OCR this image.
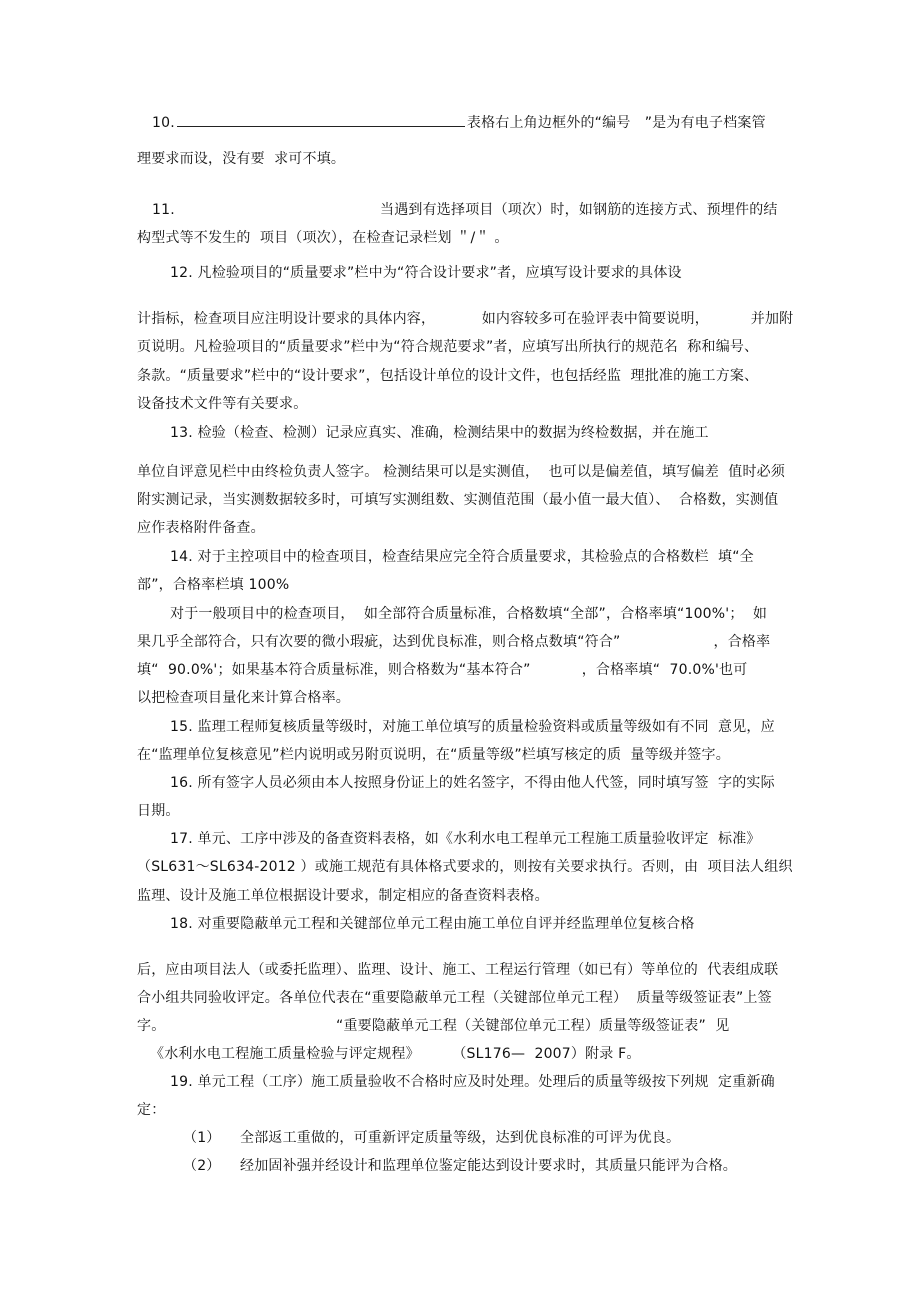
10.	表格右上角边框外的“编号　”是为有电子档案管
理要求而设，没有要  求可不填。
11.	当遇到有选择项目（项次）时，如钢筋的连接方式、预埋件的结
构型式等不发生的  项目（项次），在检查记录栏划 ＂/＂ 。
12. 凡检验项目的“质量要求”栏中为“符合设计要求”者，应填写设计要求的具体设
计指标，检查项目应注明设计要求的具体内容，          如内容较多可在验评表中简要说明，         并加附
页说明。凡检验项目的“质量要求”栏中为“符合规范要求”者，应填写出所执行的规范名  称和编号、
条款。“质量要求”栏中的“设计要求”，包括设计单位的设计文件，也包括经监  理批准的施工方案、
设备技术文件等有关要求。
13. 检验（检查、检测）记录应真实、准确，检测结果中的数据为终检数据，并在施工
单位自评意见栏中由终检负责人签字。 检测结果可以是实测值，  也可以是偏差值，填写偏差  值时必须
附实测记录，当实测数据较多时，可填写实测组数、实测值范围（最小值一最大值）、  合格数，实测值
应作表格附件备查。
14. 对于主控项目中的检查项目，检查结果应完全符合质量要求，其检验点的合格数栏  填“全
部”，合格率栏填 100%
对于一般项目中的检查项目，  如全部符合质量标准，合格数填“全部”，合格率填“100%'；  如
果几乎全部符合，只有次要的微小瑕疵，达到优良标准，则合格点数填“符合”                    ，合格率
填“  90.0%'；如果基本符合质量标准，则合格数为“基本符合”           ，合格率填“  70.0%'也可
以把检查项目量化来计算合格率。
15. 监理工程师复核质量等级时，对施工单位填写的质量检验资料或质量等级如有不同  意见，应
在“监理单位复核意见”栏内说明或另附页说明，在“质量等级”栏填写核定的质  量等级并签字。
16. 所有签字人员必须由本人按照身份证上的姓名签字，不得由他人代签，同时填写签  字的实际
日期。
17. 单元、工序中涉及的备查资料表格，如《水利水电工程单元工程施工质量验收评定  标准》
（SL631～SL634-2012 ）或施工规范有具体格式要求的，则按有关要求执行。否则，由  项目法人组织
监理、设计及施工单位根据设计要求，制定相应的备查资料表格。
18. 对重要隐蔽单元工程和关键部位单元工程由施工单位自评并经监理单位复核合格
后，应由项目法人（或委托监理）、监理、设计、施工、工程运行管理（如已有）等单位的  代表组成联
合小组共同验收评定。各单位代表在“重要隐蔽单元工程（关键部位单元工程）  质量等级签证表”上签
字。	“重要隐蔽单元工程（关键部位单元工程）质量等级签证表”  见
《水利水电工程施工质量检验与评定规程》       （SL176—  2007）附录 F。
19. 单元工程（工序）施工质量验收不合格时应及时处理。处理后的质量等级按下列规  定重新确
定：
（1） 全部返工重做的，可重新评定质量等级，达到优良标准的可评为优良。
（2） 经加固补强并经设计和监理单位鉴定能达到设计要求时，其质量只能评为合格。
